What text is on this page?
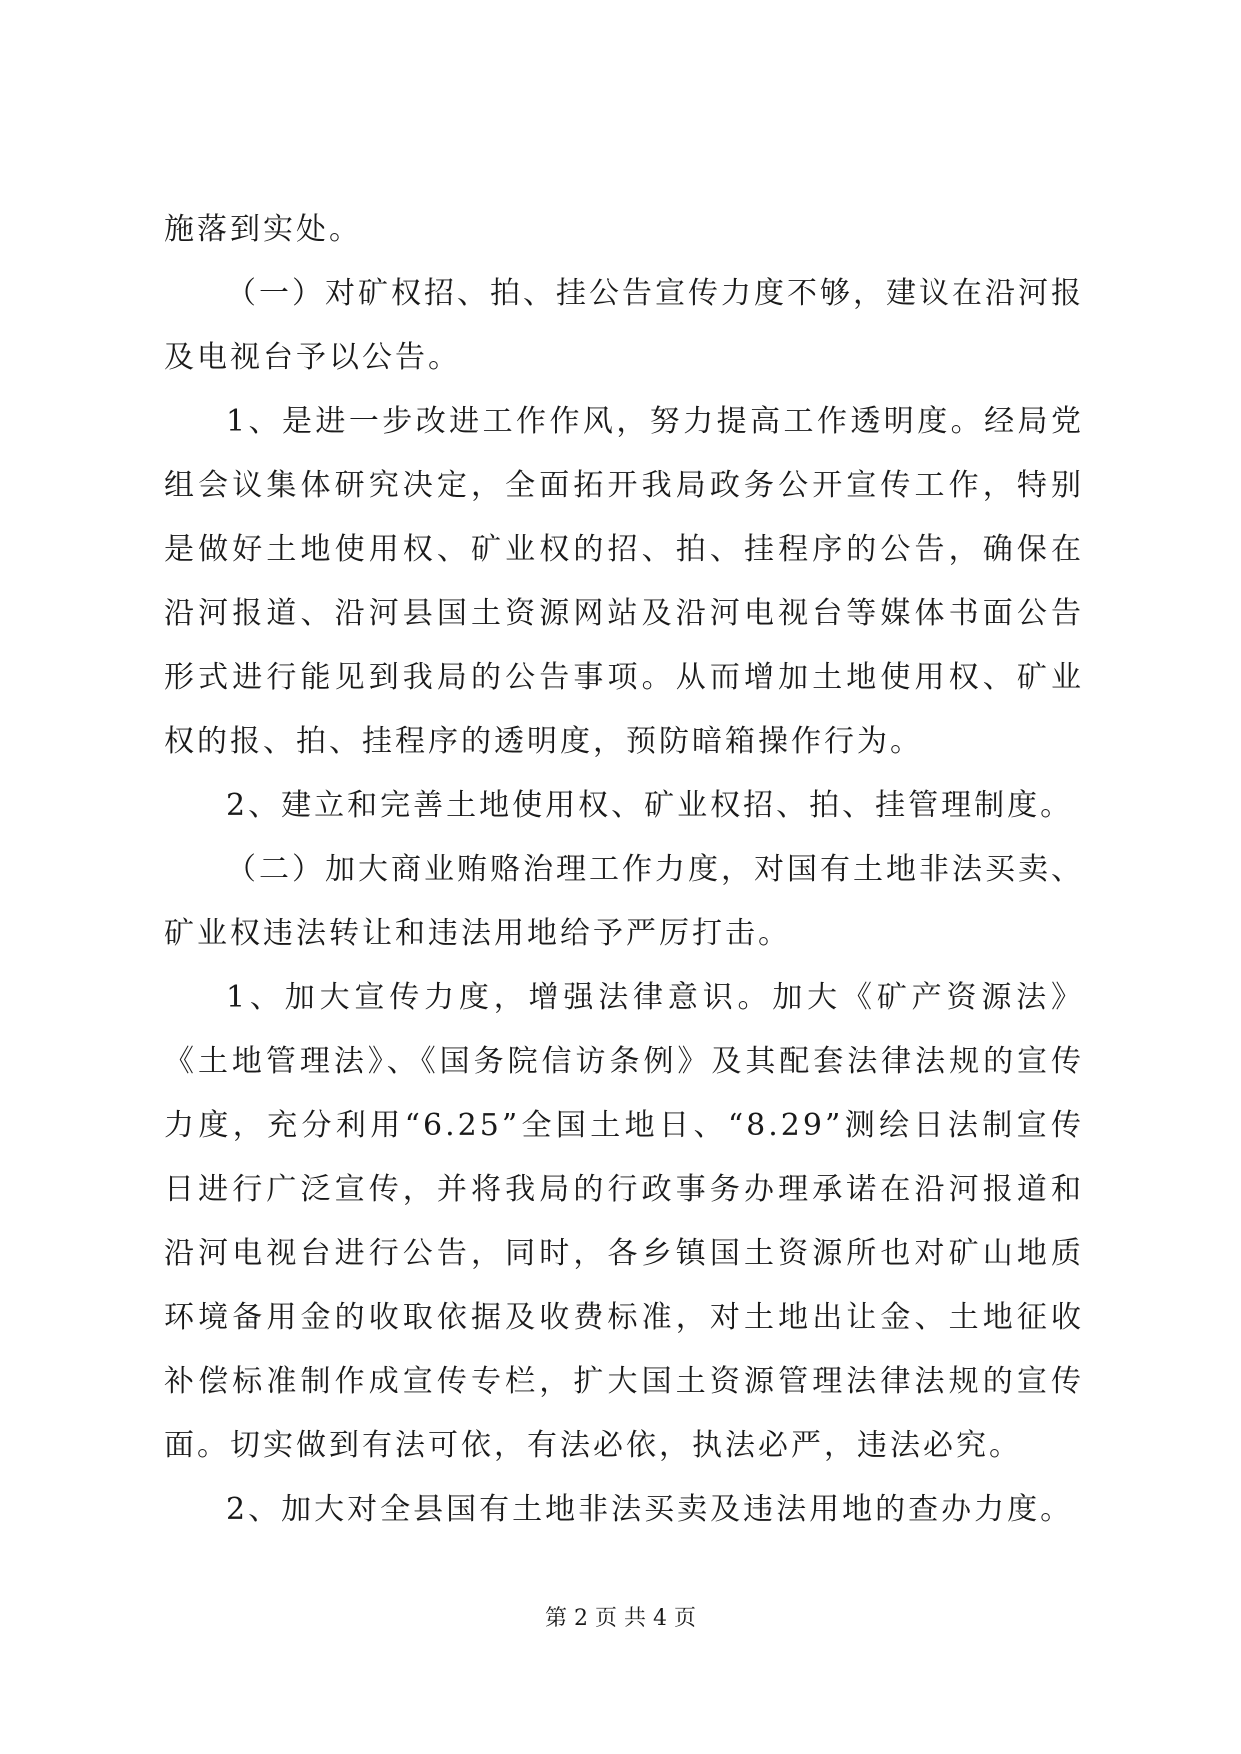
施落到实处。

（一）对矿权招、拍、挂公告宣传力度不够，建议在沿河报及电视台予以公告。

1、是进一步改进工作作风，努力提高工作透明度。经局党组会议集体研究决定，全面拓开我局政务公开宣传工作，特别是做好土地使用权、矿业权的招、拍、挂程序的公告，确保在沿河报道、沿河县国土资源网站及沿河电视台等媒体书面公告形式进行能见到我局的公告事项。从而增加土地使用权、矿业权的报、拍、挂程序的透明度，预防暗箱操作行为。

2、建立和完善土地使用权、矿业权招、拍、挂管理制度。

（二）加大商业贿赂治理工作力度，对国有土地非法买卖、矿业权违法转让和违法用地给予严厉打击。

1、加大宣传力度，增强法律意识。加大《矿产资源法》《土地管理法》、《国务院信访条例》及其配套法律法规的宣传力度，充分利用“6.25”全国土地日、“8.29”测绘日法制宣传日进行广泛宣传，并将我局的行政事务办理承诺在沿河报道和沿河电视台进行公告，同时，各乡镇国土资源所也对矿山地质环境备用金的收取依据及收费标准，对土地出让金、土地征收补偿标准制作成宣传专栏，扩大国土资源管理法律法规的宣传面。切实做到有法可依，有法必依，执法必严，违法必究。

2、加大对全县国有土地非法买卖及违法用地的查办力度。

第 2 页 共 4 页
